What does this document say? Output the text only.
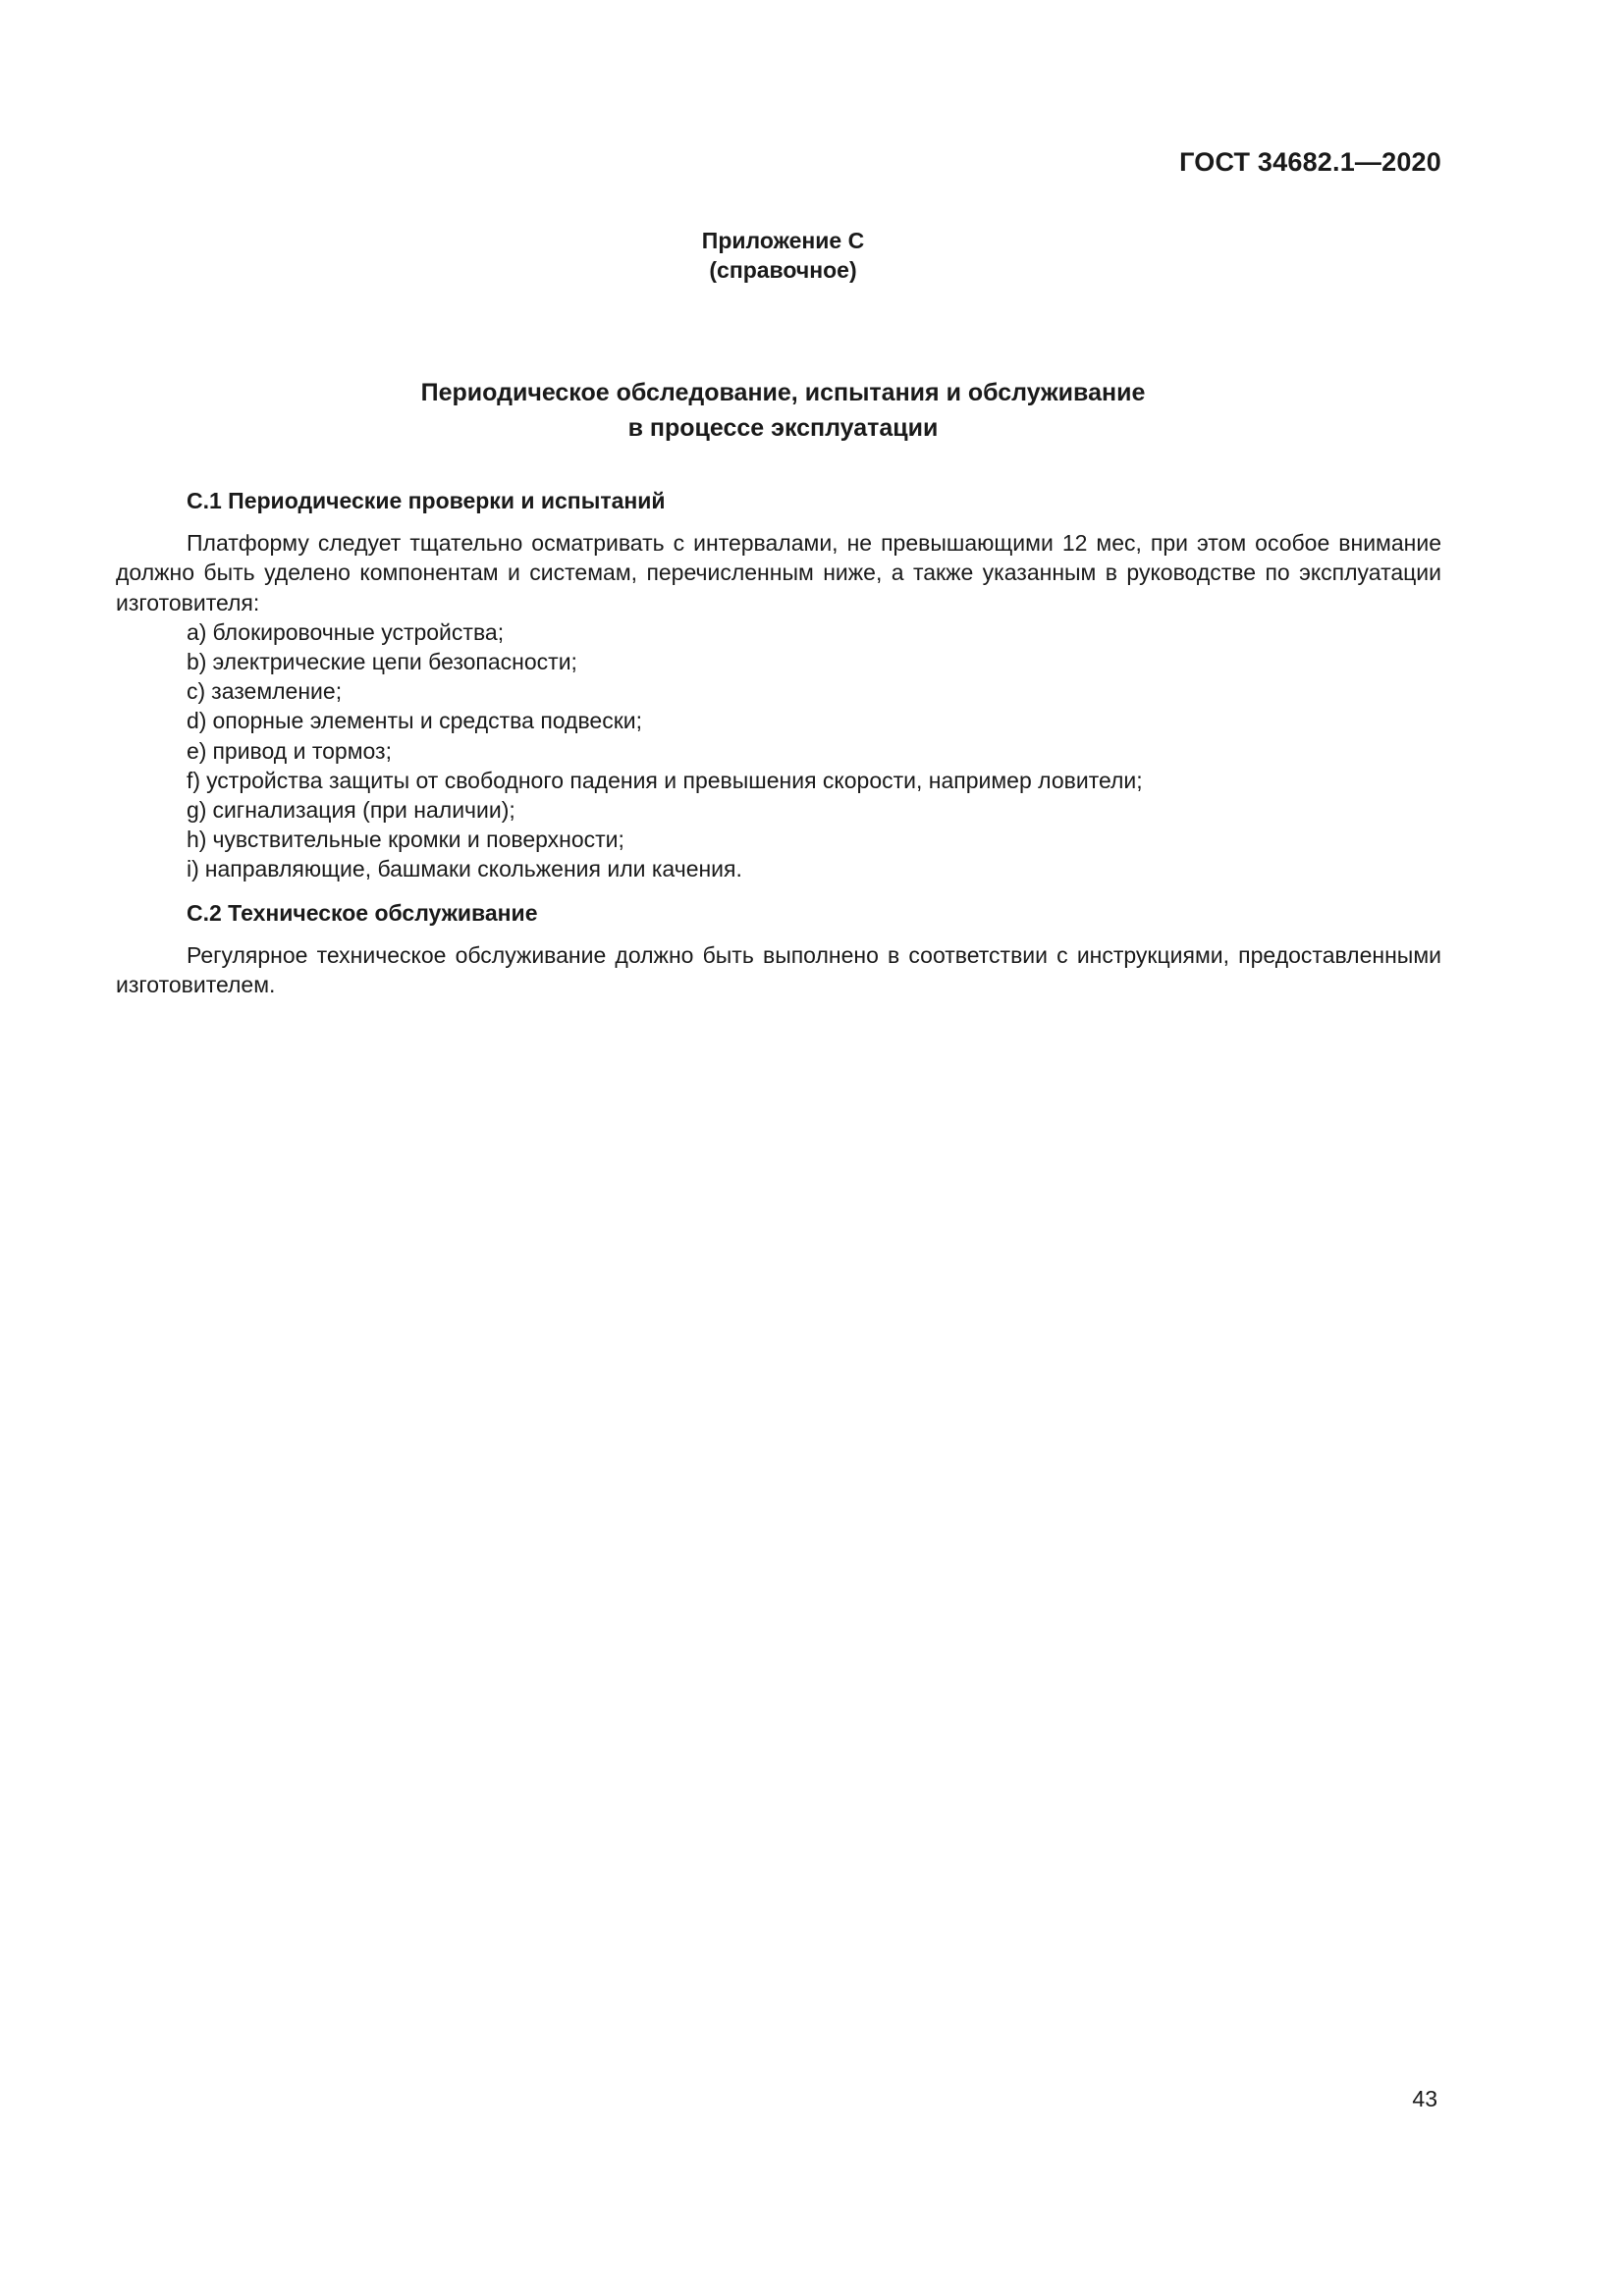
ГОСТ 34682.1—2020
Приложение С
(справочное)
Периодическое обследование, испытания и обслуживание
в процессе эксплуатации

С.1 Периодические проверки и испытаний

Платформу следует тщательно осматривать с интервалами, не превышающими 12 мес, при этом особое внимание должно быть уделено компонентам и системам, перечисленным ниже, а также указанным в руководстве по эксплуатации изготовителя:

a) блокировочные устройства;
b) электрические цепи безопасности;
c) заземление;
d) опорные элементы и средства подвески;
e) привод и тормоз;
f) устройства защиты от свободного падения и превышения скорости, например ловители;
g) сигнализация (при наличии);
h) чувствительные кромки и поверхности;
i) направляющие, башмаки скольжения или качения.

С.2 Техническое обслуживание

Регулярное техническое обслуживание должно быть выполнено в соответствии с инструкциями, предоставленными изготовителем.

43
